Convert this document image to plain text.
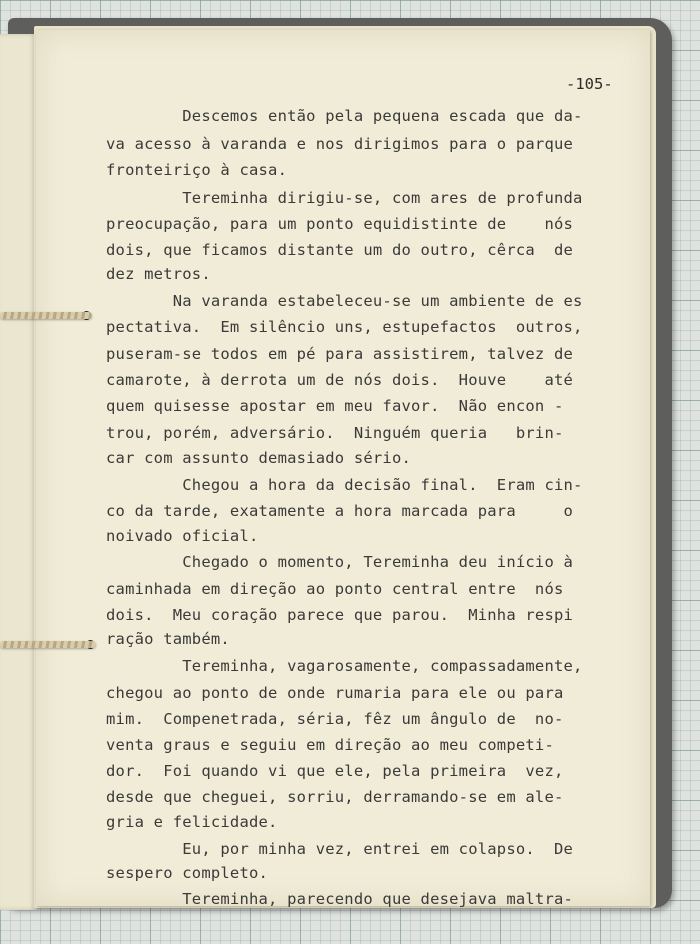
-105-

Descemos então pela pequena escada que da-

va acesso à varanda e nos dirigimos para o parque

fronteiriço à casa.

Tereminha dirigiu-se, com ares de profunda

preocupação, para um ponto equidistinte de    nós

dois, que ficamos distante um do outro, cêrca  de

dez metros.

Na varanda estabeleceu-se um ambiente de es

pectativa.  Em silêncio uns, estupefactos  outros,

puseram-se todos em pé para assistirem, talvez de

camarote, à derrota um de nós dois.  Houve    até

quem quisesse apostar em meu favor.  Não encon -

trou, porém, adversário.  Ninguém queria   brin-

car com assunto demasiado sério.

Chegou a hora da decisão final.  Eram cin-

co da tarde, exatamente a hora marcada para     o

noivado oficial.

Chegado o momento, Tereminha deu início à

caminhada em direção ao ponto central entre  nós

dois.  Meu coração parece que parou.  Minha respi

ração também.

Tereminha, vagarosamente, compassadamente,

chegou ao ponto de onde rumaria para ele ou para

mim.  Compenetrada, séria, fêz um ângulo de  no-

venta graus e seguiu em direção ao meu competi-

dor.  Foi quando vi que ele, pela primeira  vez,

desde que cheguei, sorriu, derramando-se em ale-

gria e felicidade.

Eu, por minha vez, entrei em colapso.  De

sespero completo.

Tereminha, parecendo que desejava maltra-
